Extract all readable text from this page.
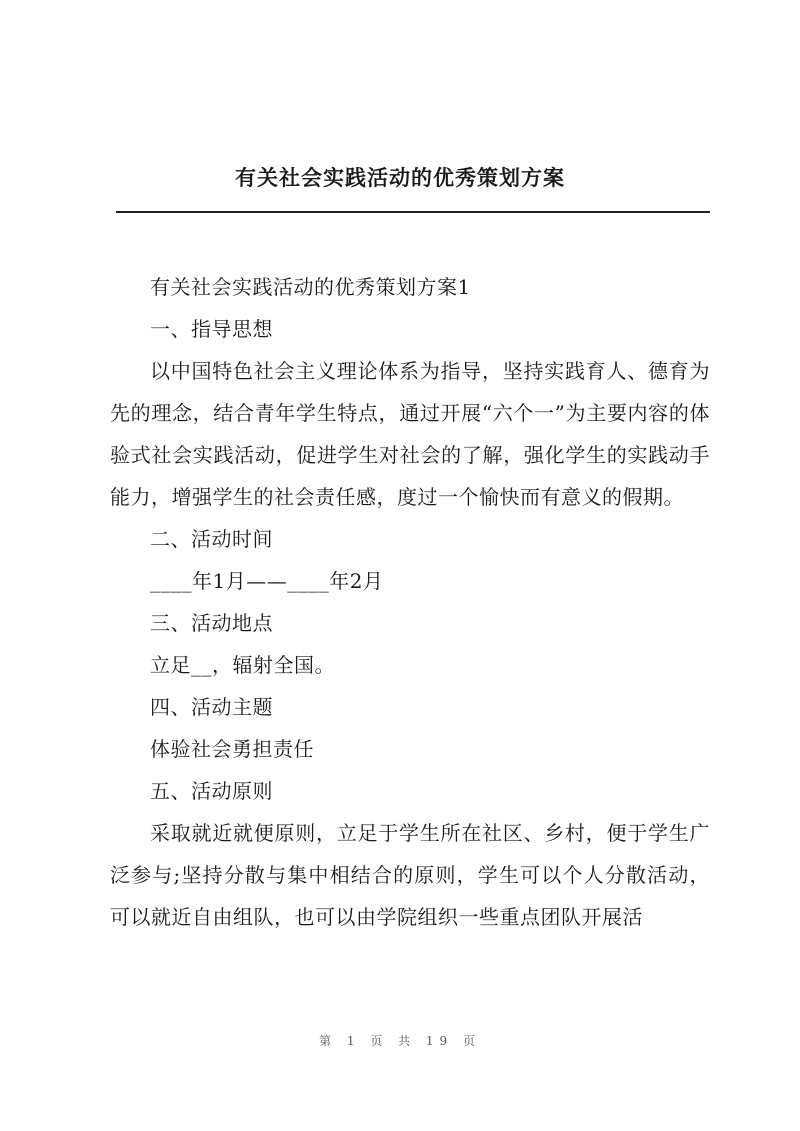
有关社会实践活动的优秀策划方案

有关社会实践活动的优秀策划方案1

一、指导思想

以中国特色社会主义理论体系为指导，坚持实践育人、德育为先的理念，结合青年学生特点，通过开展“六个一”为主要内容的体验式社会实践活动，促进学生对社会的了解，强化学生的实践动手能力，增强学生的社会责任感，度过一个愉快而有意义的假期。

二、活动时间

____年1月——____年2月

三、活动地点

立足__，辐射全国。

四、活动主题

体验社会勇担责任

五、活动原则

采取就近就便原则，立足于学生所在社区、乡村，便于学生广泛参与;坚持分散与集中相结合的原则，学生可以个人分散活动，可以就近自由组队，也可以由学院组织一些重点团队开展活

第 1 页 共 19 页
